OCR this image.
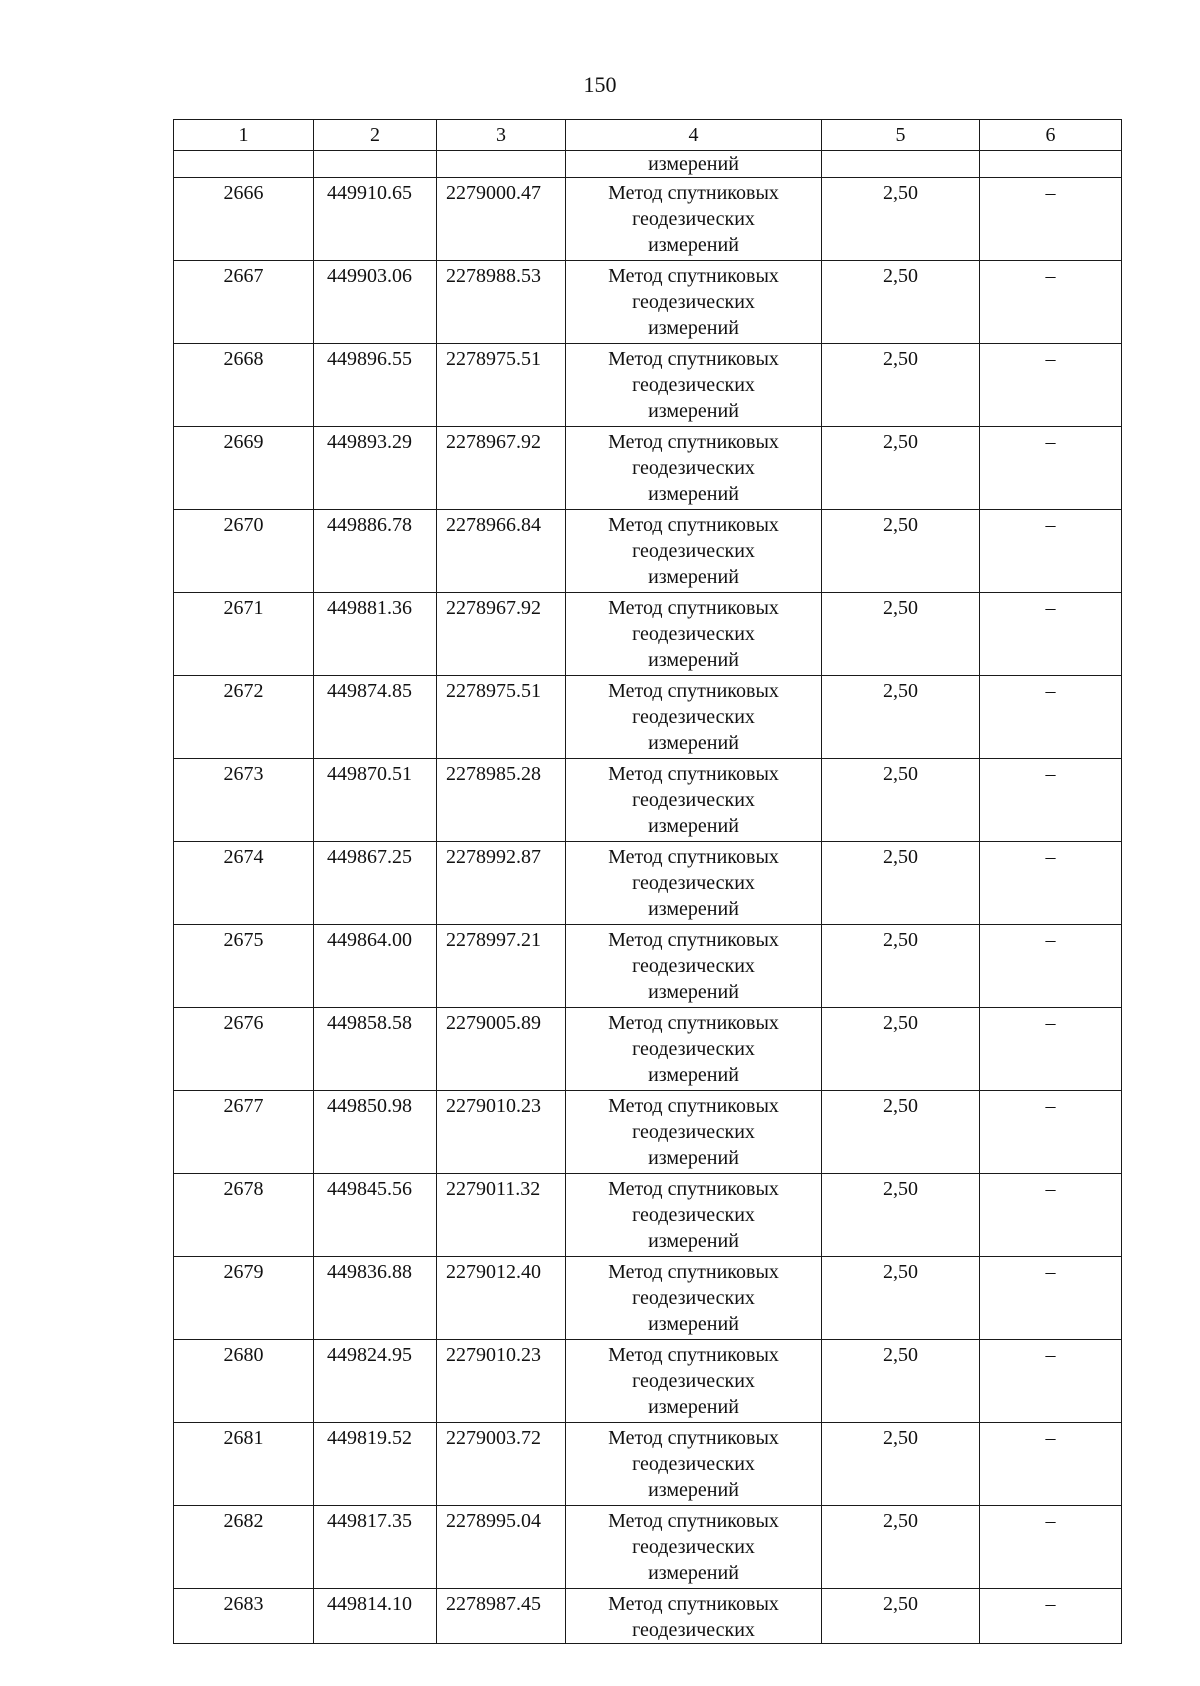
150
1	2	3	4	5	6
			измерений		
2666	449910.65	2279000.47	Метод спутниковых
геодезических
измерений	2,50	–
2667	449903.06	2278988.53	Метод спутниковых
геодезических
измерений	2,50	–
2668	449896.55	2278975.51	Метод спутниковых
геодезических
измерений	2,50	–
2669	449893.29	2278967.92	Метод спутниковых
геодезических
измерений	2,50	–
2670	449886.78	2278966.84	Метод спутниковых
геодезических
измерений	2,50	–
2671	449881.36	2278967.92	Метод спутниковых
геодезических
измерений	2,50	–
2672	449874.85	2278975.51	Метод спутниковых
геодезических
измерений	2,50	–
2673	449870.51	2278985.28	Метод спутниковых
геодезических
измерений	2,50	–
2674	449867.25	2278992.87	Метод спутниковых
геодезических
измерений	2,50	–
2675	449864.00	2278997.21	Метод спутниковых
геодезических
измерений	2,50	–
2676	449858.58	2279005.89	Метод спутниковых
геодезических
измерений	2,50	–
2677	449850.98	2279010.23	Метод спутниковых
геодезических
измерений	2,50	–
2678	449845.56	2279011.32	Метод спутниковых
геодезических
измерений	2,50	–
2679	449836.88	2279012.40	Метод спутниковых
геодезических
измерений	2,50	–
2680	449824.95	2279010.23	Метод спутниковых
геодезических
измерений	2,50	–
2681	449819.52	2279003.72	Метод спутниковых
геодезических
измерений	2,50	–
2682	449817.35	2278995.04	Метод спутниковых
геодезических
измерений	2,50	–
2683	449814.10	2278987.45	Метод спутниковых
геодезических	2,50	–
